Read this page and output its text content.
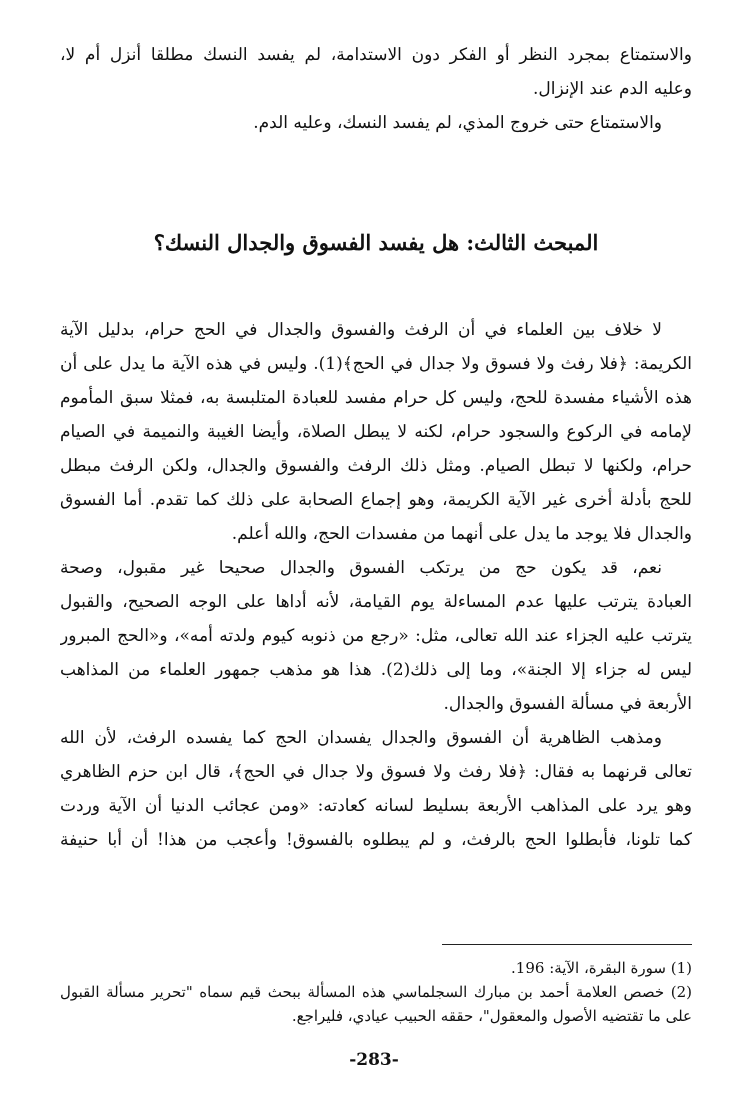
والاستمتاع بمجرد النظر أو الفكر دون الاستدامة، لم يفسد النسك مطلقا أنزل أم لا،
وعليه الدم عند الإنزال.
والاستمتاع حتى خروج المذي، لم يفسد النسك، وعليه الدم.
المبحث الثالث: هل يفسد الفسوق والجدال النسك؟
لا خلاف بين العلماء في أن الرفث والفسوق والجدال في الحج حرام، بدليل الآية
الكريمة: ﴿فلا رفث ولا فسوق ولا جدال في الحج﴾(1). وليس في هذه الآية ما يدل على أن
هذه الأشياء مفسدة للحج، وليس كل حرام مفسد للعبادة المتلبسة به، فمثلا سبق المأموم
لإمامه في الركوع والسجود حرام، لكنه لا يبطل الصلاة، وأيضا الغيبة والنميمة في الصيام
حرام، ولكنها لا تبطل الصيام. ومثل ذلك الرفث والفسوق والجدال، ولكن الرفث مبطل
للحج بأدلة أخرى غير الآية الكريمة، وهو إجماع الصحابة على ذلك كما تقدم. أما الفسوق
والجدال فلا يوجد ما يدل على أنهما من مفسدات الحج، والله أعلم.
نعم، قد يكون حج من يرتكب الفسوق والجدال صحيحا غير مقبول، وصحة
العبادة يترتب عليها عدم المساءلة يوم القيامة، لأنه أداها على الوجه الصحيح، والقبول
يترتب عليه الجزاء عند الله تعالى، مثل: «رجع من ذنوبه كيوم ولدته أمه»، و«الحج المبرور
ليس له جزاء إلا الجنة»، وما إلى ذلك(2). هذا هو مذهب جمهور العلماء من المذاهب
الأربعة في مسألة الفسوق والجدال.
ومذهب الظاهرية أن الفسوق والجدال يفسدان الحج كما يفسده الرفث، لأن الله
تعالى قرنهما به فقال: ﴿فلا رفث ولا فسوق ولا جدال في الحج﴾، قال ابن حزم الظاهري
وهو يرد على المذاهب الأربعة بسليط لسانه كعادته: «ومن عجائب الدنيا أن الآية وردت
كما تلونا، فأبطلوا الحج بالرفث، و لم يبطلوه بالفسوق! وأعجب من هذا! أن أبا حنيفة
(1) سورة البقرة، الآية: 196.
(2) خصص العلامة أحمد بن مبارك السجلماسي هذه المسألة ببحث قيم سماه "تحرير مسألة القبول
على ما تقتضيه الأصول والمعقول"، حققه الحبيب عيادي، فليراجع.
-283-
